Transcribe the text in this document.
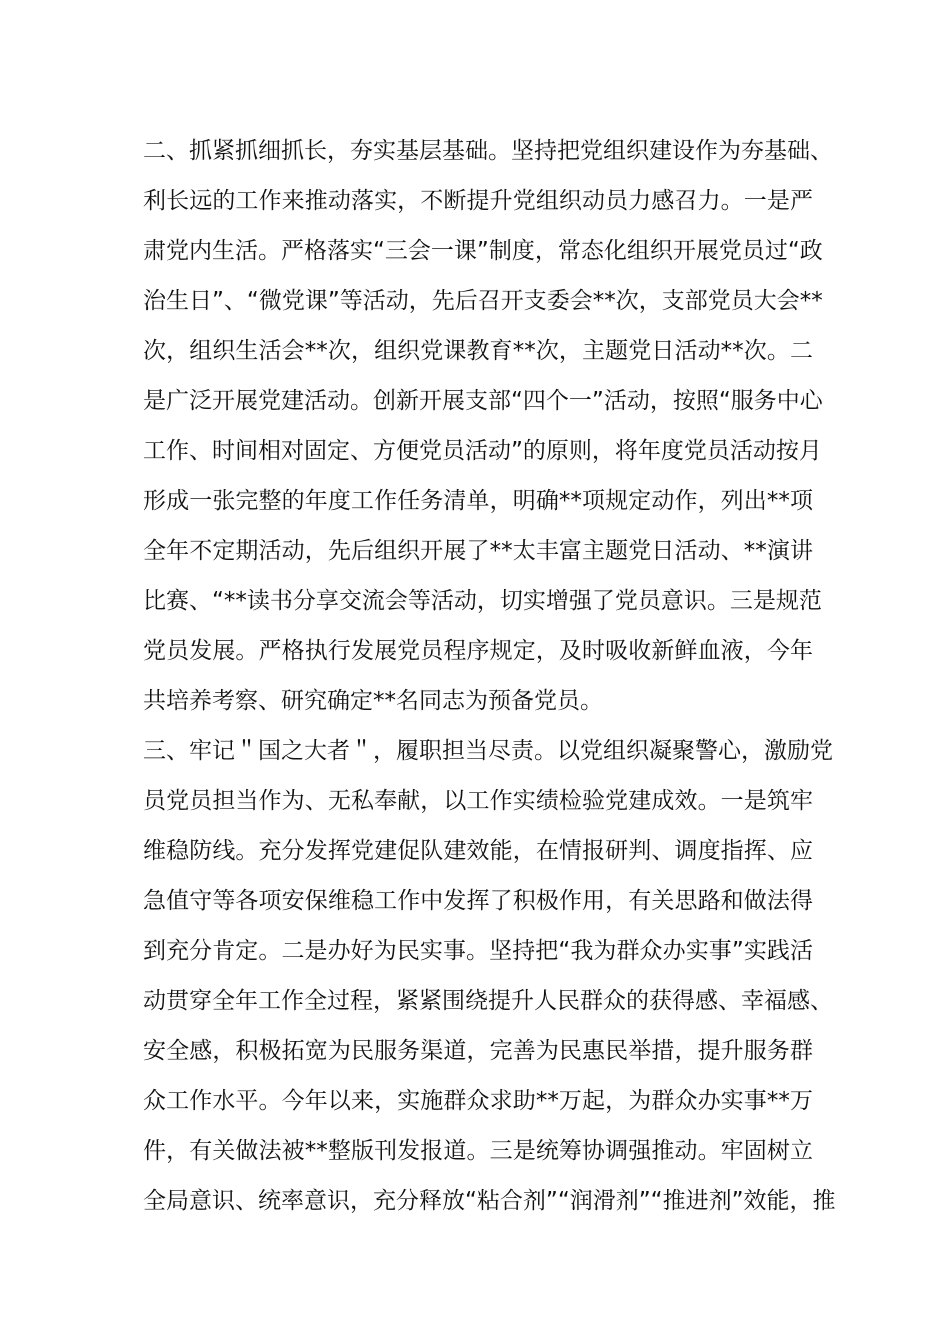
二、抓紧抓细抓长，夯实基层基础。坚持把党组织建设作为夯基础、
利长远的工作来推动落实，不断提升党组织动员力感召力。一是严
肃党内生活。严格落实“三会一课”制度，常态化组织开展党员过“政
治生日”、“微党课”等活动，先后召开支委会**次，支部党员大会**
次，组织生活会**次，组织党课教育**次，主题党日活动**次。二
是广泛开展党建活动。创新开展支部“四个一”活动，按照“服务中心
工作、时间相对固定、方便党员活动”的原则，将年度党员活动按月
形成一张完整的年度工作任务清单，明确**项规定动作，列出**项
全年不定期活动，先后组织开展了**太丰富主题党日活动、**演讲
比赛、“**读书分享交流会等活动，切实增强了党员意识。三是规范
党员发展。严格执行发展党员程序规定，及时吸收新鲜血液，今年
共培养考察、研究确定**名同志为预备党员。
三、牢记＂国之大者＂，履职担当尽责。以党组织凝聚警心，激励党
员党员担当作为、无私奉献，以工作实绩检验党建成效。一是筑牢
维稳防线。充分发挥党建促队建效能，在情报研判、调度指挥、应
急值守等各项安保维稳工作中发挥了积极作用，有关思路和做法得
到充分肯定。二是办好为民实事。坚持把“我为群众办实事”实践活
动贯穿全年工作全过程，紧紧围绕提升人民群众的获得感、幸福感、
安全感，积极拓宽为民服务渠道，完善为民惠民举措，提升服务群
众工作水平。今年以来，实施群众求助**万起，为群众办实事**万
件，有关做法被**整版刊发报道。三是统筹协调强推动。牢固树立
全局意识、统率意识，充分释放“粘合剂”“润滑剂”“推进剂”效能，推
